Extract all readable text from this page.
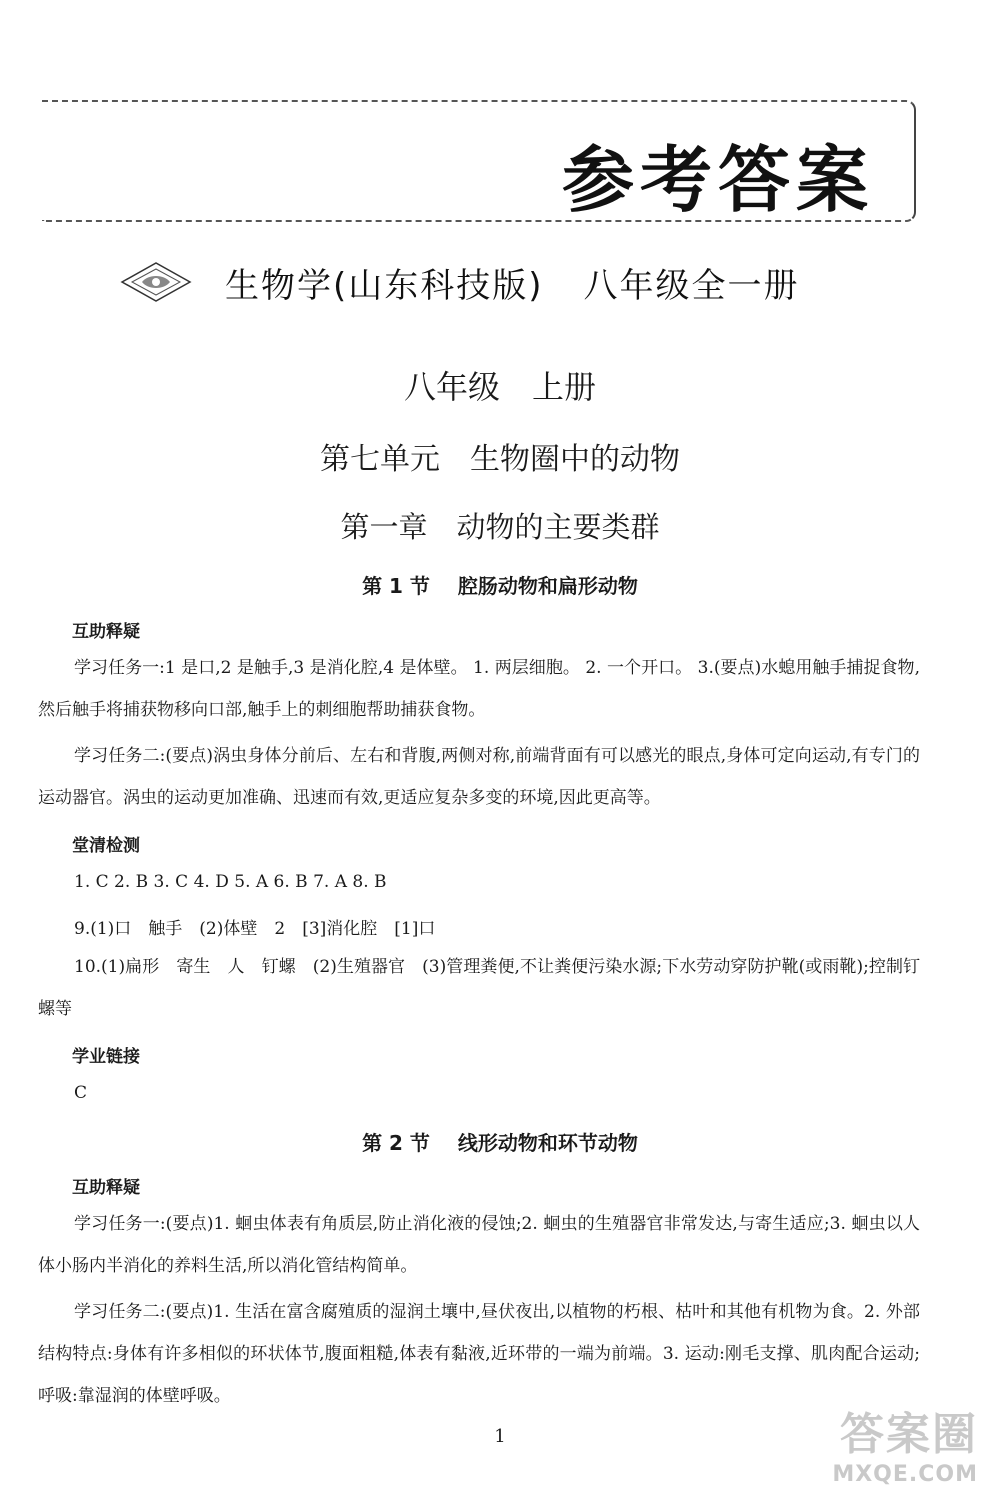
参考答案
生物学(山东科技版) 八年级全一册
八年级　上册
第七单元　生物圈中的动物
第一章　动物的主要类群
第 1 节 腔肠动物和扁形动物
互助释疑
学习任务一:1 是口,2 是触手,3 是消化腔,4 是体壁。 1. 两层细胞。 2. 一个开口。 3.(要点)水螅用触手捕捉食物,然后触手将捕获物移向口部,触手上的刺细胞帮助捕获食物。
学习任务二:(要点)涡虫身体分前后、左右和背腹,两侧对称,前端背面有可以感光的眼点,身体可定向运动,有专门的运动器官。涡虫的运动更加准确、迅速而有效,更适应复杂多变的环境,因此更高等。
堂清检测
1. C 2. B 3. C 4. D 5. A 6. B 7. A 8. B
9.(1)口　触手　(2)体壁　2　[3]消化腔　[1]口
10.(1)扁形　寄生　人　钉螺　(2)生殖器官　(3)管理粪便,不让粪便污染水源;下水劳动穿防护靴(或雨靴);控制钉螺等
学业链接
C
第 2 节 线形动物和环节动物
互助释疑
学习任务一:(要点)1. 蛔虫体表有角质层,防止消化液的侵蚀;2. 蛔虫的生殖器官非常发达,与寄生适应;3. 蛔虫以人体小肠内半消化的养料生活,所以消化管结构简单。
学习任务二:(要点)1. 生活在富含腐殖质的湿润土壤中,昼伏夜出,以植物的朽根、枯叶和其他有机物为食。2. 外部结构特点:身体有许多相似的环状体节,腹面粗糙,体表有黏液,近环带的一端为前端。3. 运动:刚毛支撑、肌肉配合运动;呼吸:靠湿润的体壁呼吸。
1	答案圈
MXQE.COM
